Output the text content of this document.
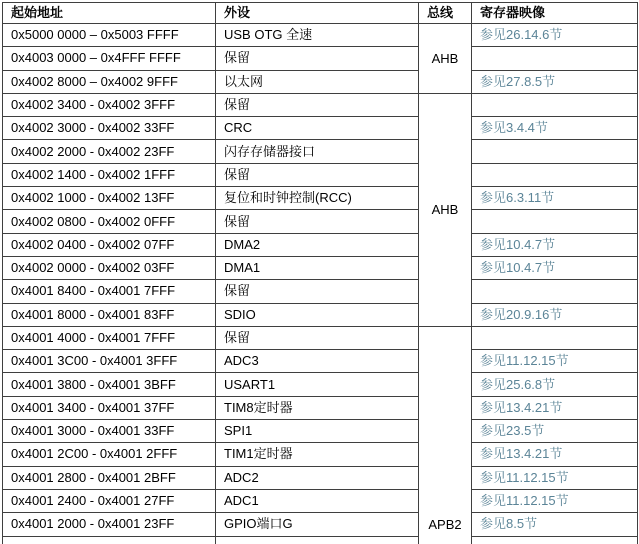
起始地址	外设	总线	寄存器映像
0x5000 0000 – 0x5003 FFFF	USB OTG 全速	AHB	参见26.14.6节
0x4003 0000 – 0x4FFF FFFF	保留		
0x4002 8000 – 0x4002 9FFF	以太网		参见27.8.5节
0x4002 3400 - 0x4002 3FFF	保留	AHB	

0x4002 3000 - 0x4002 33FF	CRC		参见3.4.4节
0x4002 2000 - 0x4002 23FF	闪存存储器接口		
0x4002 1400 - 0x4002 1FFF	保留		
0x4002 1000 - 0x4002 13FF	复位和时钟控制(RCC)		参见6.3.11节
0x4002 0800 - 0x4002 0FFF	保留		
0x4002 0400 - 0x4002 07FF	DMA2		参见10.4.7节
0x4002 0000 - 0x4002 03FF	DMA1		参见10.4.7节
0x4001 8400 - 0x4001 7FFF	保留		
0x4001 8000 - 0x4001 83FF	SDIO		参见20.9.16节
0x4001 4000 - 0x4001 7FFF	保留	APB2	

0x4001 3C00 - 0x4001 3FFF	ADC3		参见11.12.15节
0x4001 3800 - 0x4001 3BFF	USART1		参见25.6.8节
0x4001 3400 - 0x4001 37FF	TIM8定时器		参见13.4.21节
0x4001 3000 - 0x4001 33FF	SPI1		参见23.5节
0x4001 2C00 - 0x4001 2FFF	TIM1定时器		参见13.4.21节
0x4001 2800 - 0x4001 2BFF	ADC2		参见11.12.15节
0x4001 2400 - 0x4001 27FF	ADC1		参见11.12.15节
0x4001 2000 - 0x4001 23FF	GPIO端口G		参见8.5节
